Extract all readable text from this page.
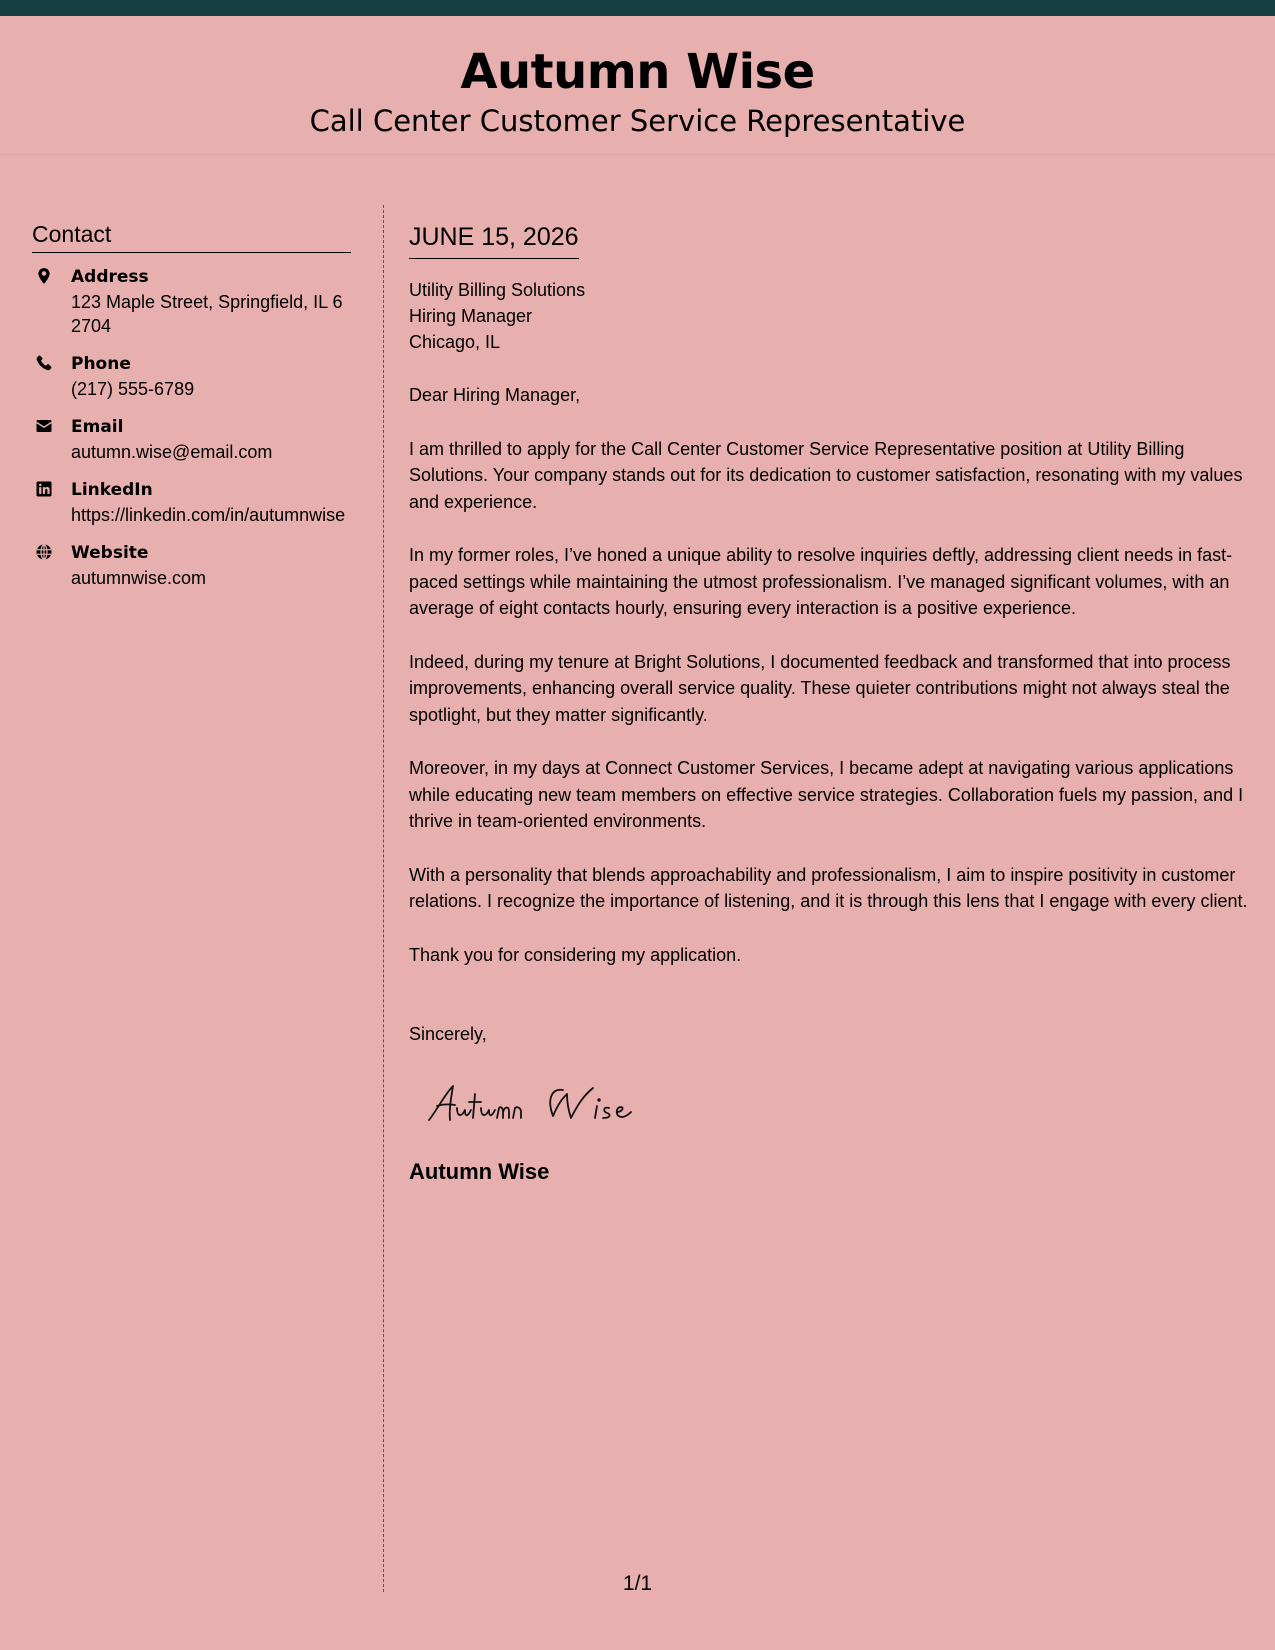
Autumn Wise
Call Center Customer Service Representative
Contact
Address
123 Maple Street, Springfield, IL 62704
Phone
(217) 555-6789
Email
autumn.wise@email.com
LinkedIn
https://linkedin.com/in/autumnwise
Website
autumnwise.com
JUNE 15, 2026
Utility Billing Solutions
Hiring Manager
Chicago, IL
Dear Hiring Manager,

I am thrilled to apply for the Call Center Customer Service Representative position at Utility Billing Solutions. Your company stands out for its dedication to customer satisfaction, resonating with my values and experience.

In my former roles, I’ve honed a unique ability to resolve inquiries deftly, addressing client needs in fast-paced settings while maintaining the utmost professionalism. I’ve managed significant volumes, with an average of eight contacts hourly, ensuring every interaction is a positive experience.

Indeed, during my tenure at Bright Solutions, I documented feedback and transformed that into process improvements, enhancing overall service quality. These quieter contributions might not always steal the spotlight, but they matter significantly.

Moreover, in my days at Connect Customer Services, I became adept at navigating various applications while educating new team members on effective service strategies. Collaboration fuels my passion, and I thrive in team-oriented environments.

With a personality that blends approachability and professionalism, I aim to inspire positivity in customer relations. I recognize the importance of listening, and it is through this lens that I engage with every client.

Thank you for considering my application.

Sincerely,
Autumn Wise
1/1
